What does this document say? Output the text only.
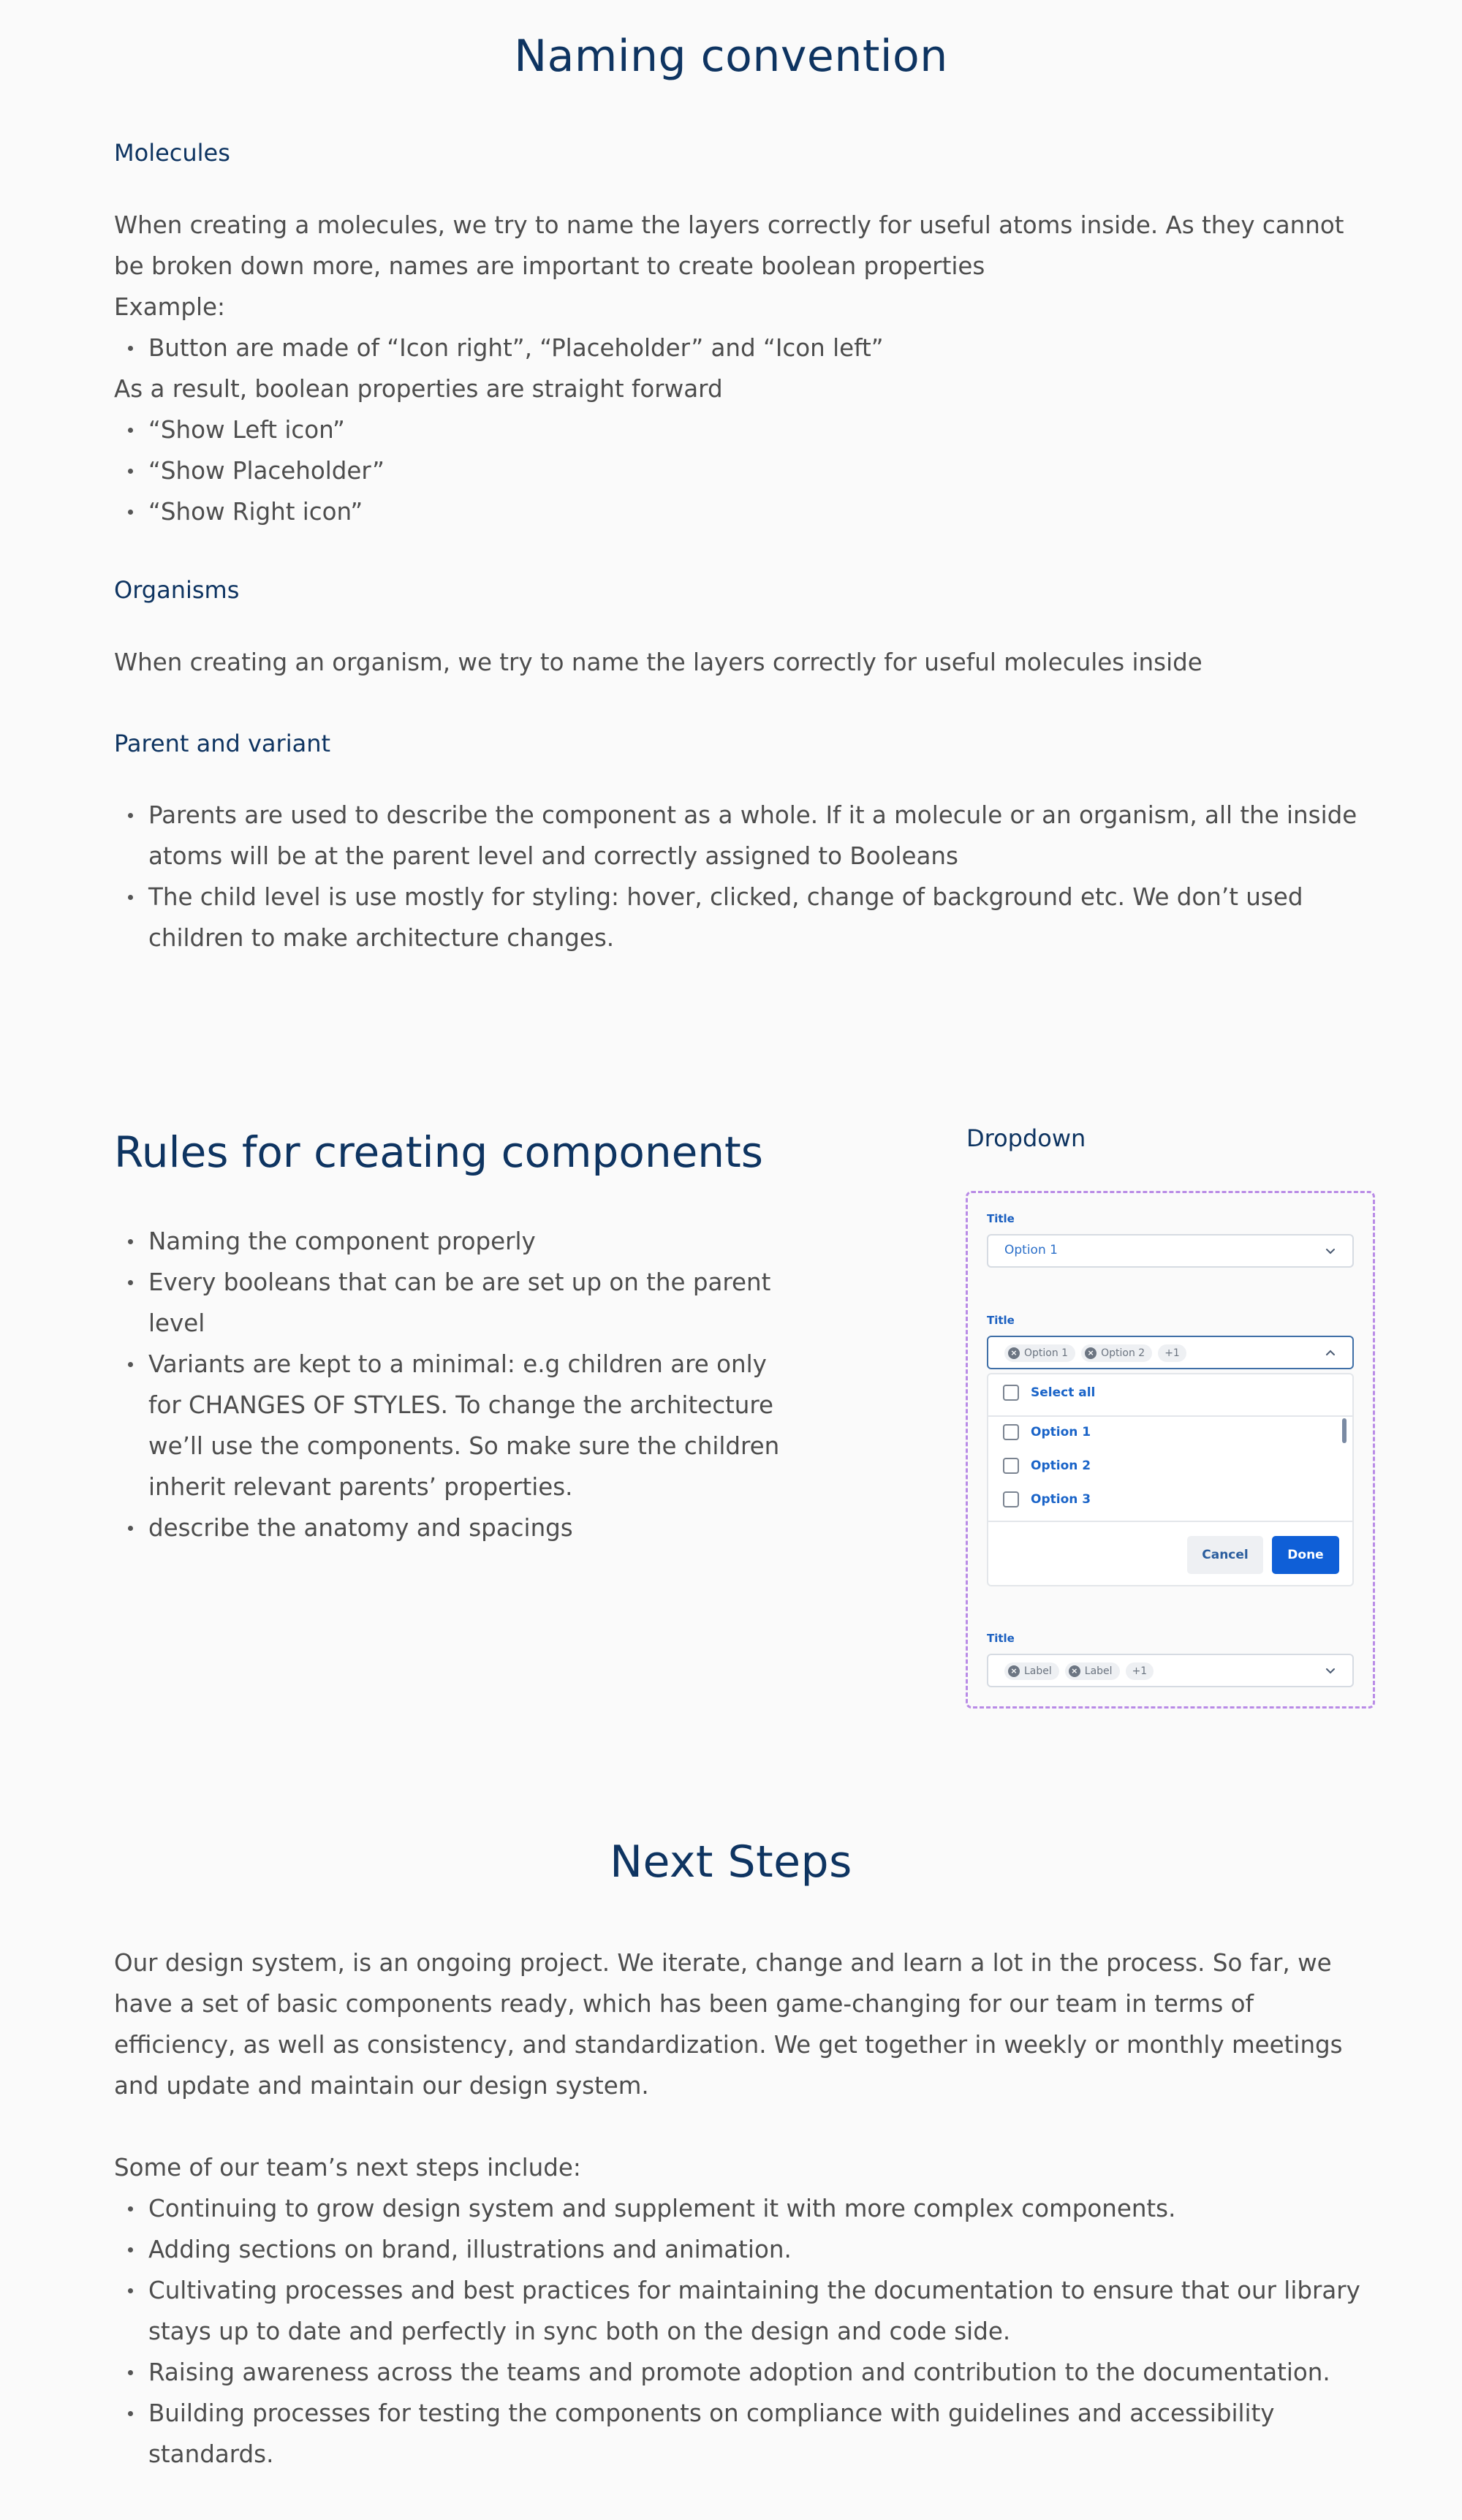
Naming convention
Molecules

When creating a molecules, we try to name the layers correctly for useful atoms inside. As they cannot be broken down more, names are important to create boolean properties

Example:

Button are made of “Icon right”, “Placeholder” and “Icon left”

As a result, boolean properties are straight forward

“Show Left icon”
“Show Placeholder”
“Show Right icon”
Organisms
When creating an organism, we try to name the layers correctly for useful molecules inside
Parent and variant
Parents are used to describe the component as a whole. If it a molecule or an organism, all the inside atoms will be at the parent level and correctly assigned to Booleans
The child level is use mostly for styling: hover, clicked, change of background etc. We don’t used children to make architecture changes.
Rules for creating components
Naming the component properly
Every booleans that can be are set up on the parent level
Variants are kept to a minimal: e.g children are only for CHANGES OF STYLES. To change the architecture we’ll use the components. So make sure the children inherit relevant parents’ properties.
describe the anatomy and spacings
Dropdown
Title
Option 1
Title
× Option 1	× Option 2	+1
Select all
Option 1
Option 2
Option 3
Cancel	Done
Title
× Label	× Label	+1
Next Steps
Our design system, is an ongoing project. We iterate, change and learn a lot in the process. So far, we have a set of basic components ready, which has been game-changing for our team in terms of efficiency, as well as consistency, and standardization. We get together in weekly or monthly meetings and update and maintain our design system.

Some of our team’s next steps include:

Continuing to grow design system and supplement it with more complex components.
Adding sections on brand, illustrations and animation.
Cultivating processes and best practices for maintaining the documentation to ensure that our library stays up to date and perfectly in sync both on the design and code side.
Raising awareness across the teams and promote adoption and contribution to the documentation.
Building processes for testing the components on compliance with guidelines and accessibility standards.
